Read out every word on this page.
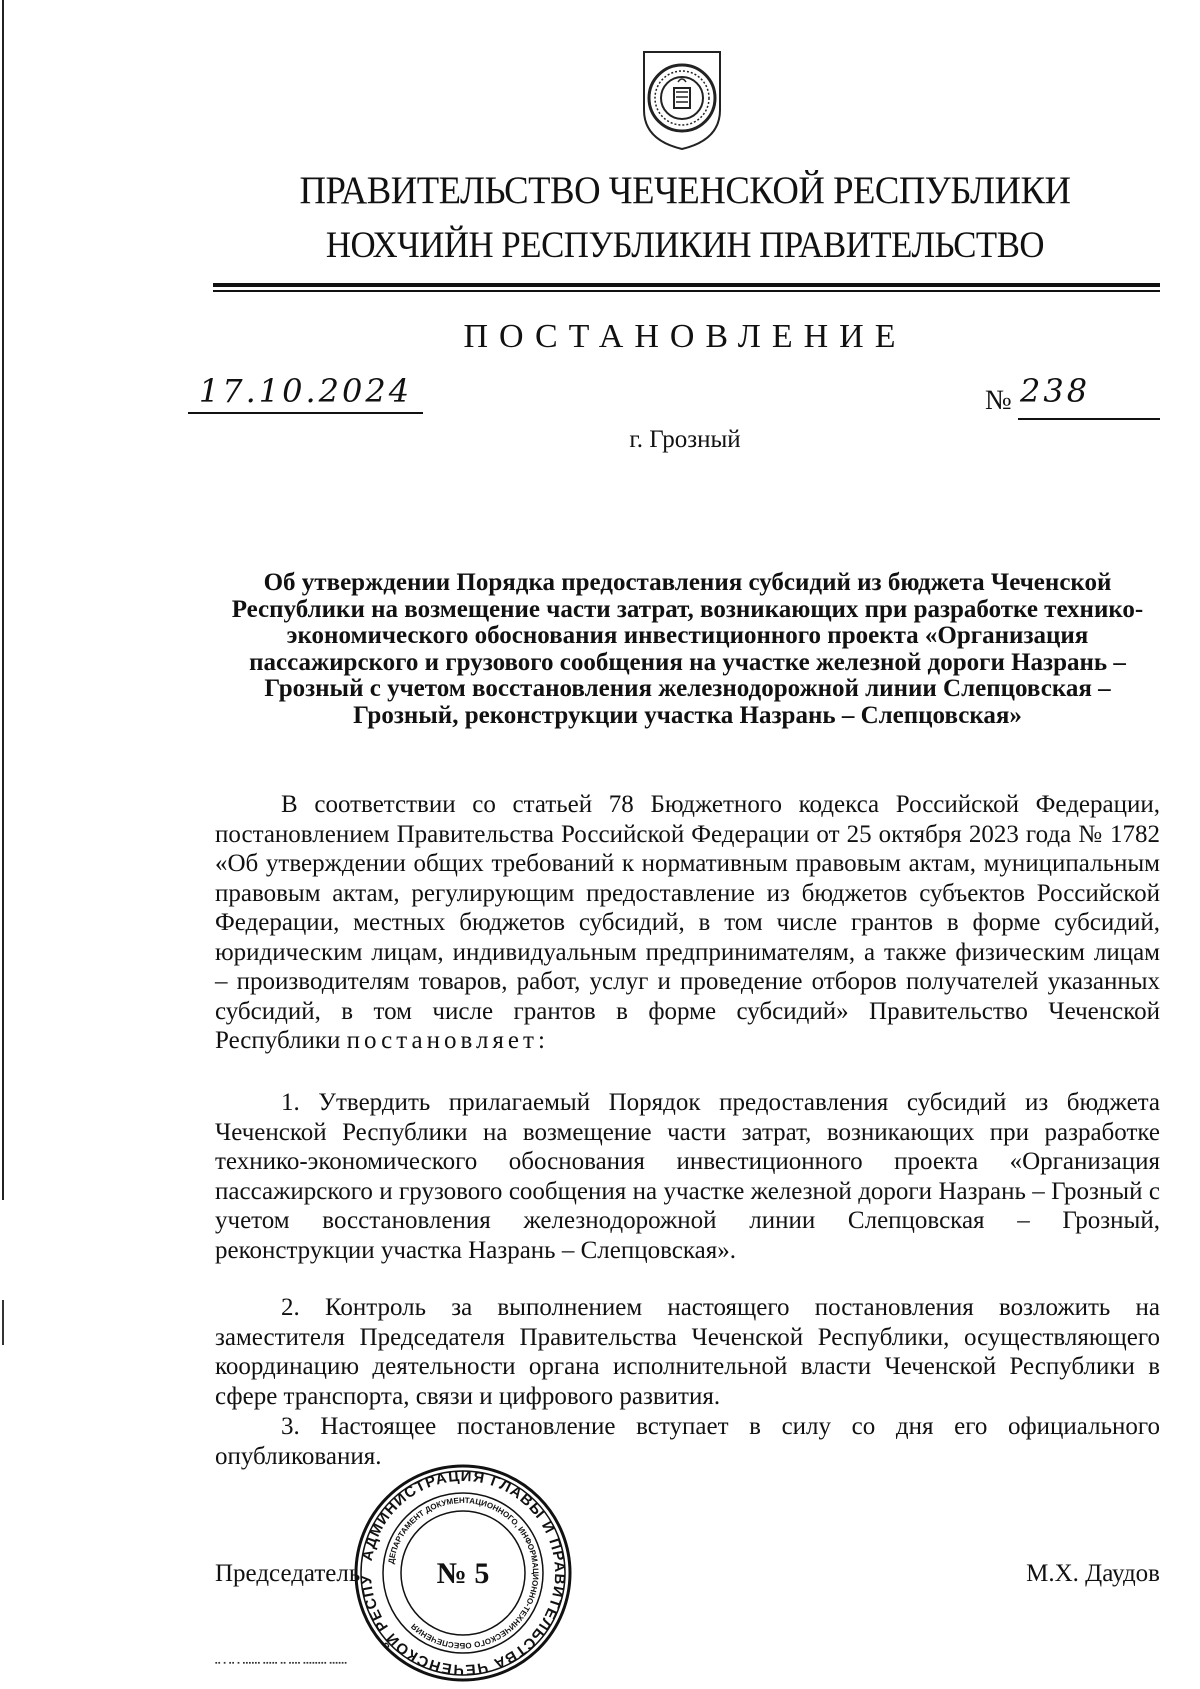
ПРАВИТЕЛЬСТВО ЧЕЧЕНСКОЙ РЕСПУБЛИКИ
НОХЧИЙН РЕСПУБЛИКИН ПРАВИТЕЛЬСТВО
ПОСТАНОВЛЕНИЕ
17.10.2024	№ 238
г. Грозный
Об утверждении Порядка предоставления субсидий из бюджета Чеченской Республики на возмещение части затрат, возникающих при разработке технико-экономического обоснования инвестиционного проекта «Организация пассажирского и грузового сообщения на участке железной дороги Назрань – Грозный с учетом восстановления железнодорожной линии Слепцовская – Грозный, реконструкции участка Назрань – Слепцовская»
В соответствии со статьей 78 Бюджетного кодекса Российской Федерации, постановлением Правительства Российской Федерации от 25 октября 2023 года № 1782 «Об утверждении общих требований к нормативным правовым актам, муниципальным правовым актам, регулирующим предоставление из бюджетов субъектов Российской Федерации, местных бюджетов субсидий, в том числе грантов в форме субсидий, юридическим лицам, индивидуальным предпринимателям, а также физическим лицам – производителям товаров, работ, услуг и проведение отборов получателей указанных субсидий, в том числе грантов в форме субсидий» Правительство Чеченской Республики постановляет:
1. Утвердить прилагаемый Порядок предоставления субсидий из бюджета Чеченской Республики на возмещение части затрат, возникающих при разработке технико-экономического обоснования инвестиционного проекта «Организация пассажирского и грузового сообщения на участке железной дороги Назрань – Грозный с учетом восстановления железнодорожной линии Слепцовская – Грозный, реконструкции участка Назрань – Слепцовская».
2. Контроль за выполнением настоящего постановления возложить на заместителя Председателя Правительства Чеченской Республики, осуществляющего координацию деятельности органа исполнительной власти Чеченской Республики в сфере транспорта, связи и цифрового развития.
3. Настоящее постановление вступает в силу со дня его официального опубликования.
Председатель	М.Х. Даудов
АДМИНИСТРАЦИЯ ГЛАВЫ И ПРАВИТЕЛЬСТВА ЧЕЧЕНСКОЙ РЕСПУ
ДЕПАРТАМЕНТ ДОКУМЕНТАЦИОННОГО, ИНФОРМАЦИОННО-ТЕХНИЧЕСКОГО ОБЕСПЕЧЕНИЯ
№ 5
▪▪ ▪ ▪▪ ▪ ▪▪▪▪▪▪ ▪▪▪▪▪ ▪▪ ▪▪▪▪ ▪▪▪▪▪▪▪▪ ▪▪▪▪▪▪
